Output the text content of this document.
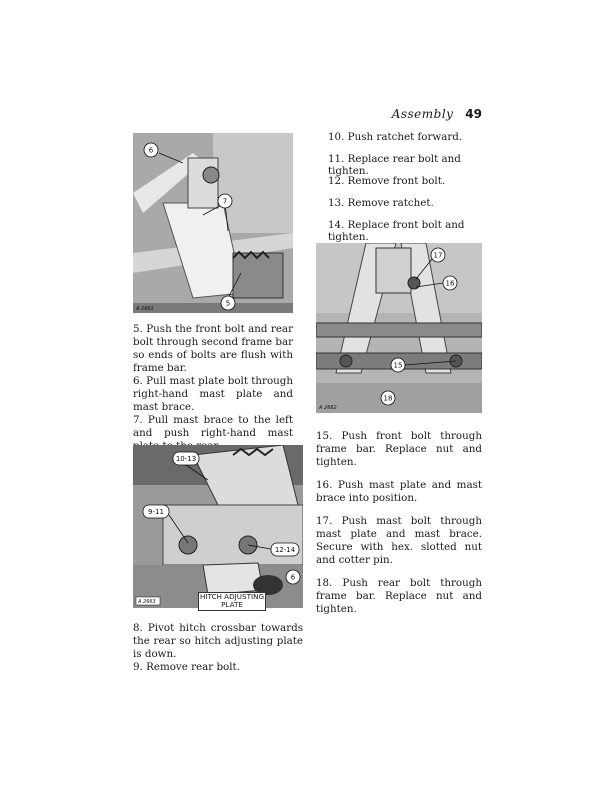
Assembly 49
6
7
5
A 2661

5. Push the front bolt and rear bolt through second frame bar so ends of bolts are flush with frame bar.

6. Pull mast plate bolt through right-hand mast plate and mast brace.

7. Pull mast brace to the left and push right-hand mast

10-13
9-11
12-14
6
A 2663
HITCH ADJUSTING
PLATE

8. Pivot hitch crossbar towards the rear so hitch adjusting plate is down.

9. Remove rear bolt.

10. Push ratchet forward.
11. Replace rear bolt and tighten.
12. Remove front bolt.
13. Remove ratchet.
14. Replace front bolt and tighten.
17
16
15
18
A 2662

15. Push front bolt through frame bar. Replace nut and tighten.

16. Push mast plate and mast brace into position.

17. Push mast bolt through mast plate and mast brace. Secure with hex. slotted nut and cotter pin.

18. Push rear bolt through frame bar. Replace nut and tighten.
